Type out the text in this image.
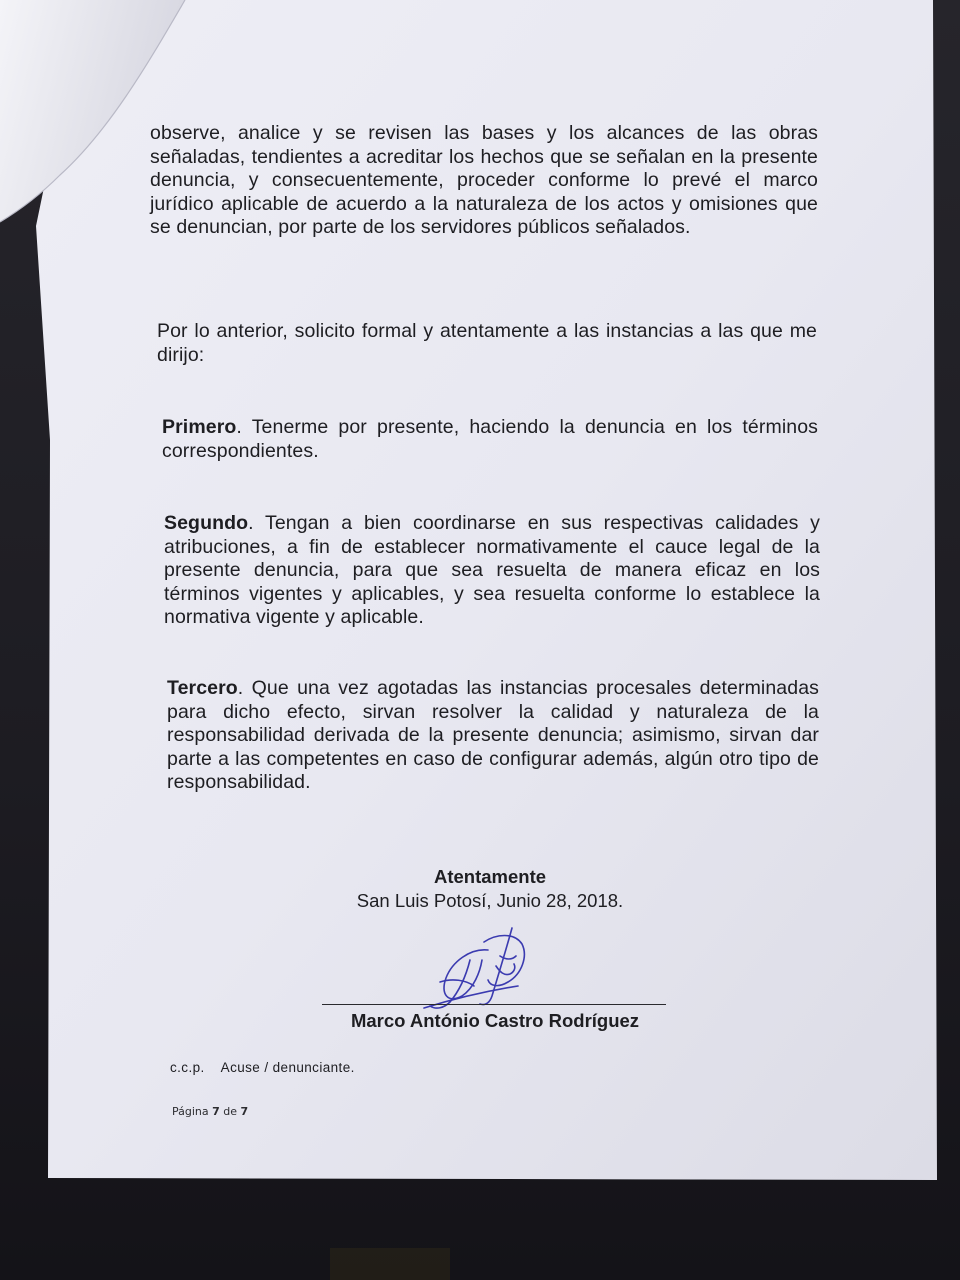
observe, analice y se revisen las bases y los alcances de las obras señaladas, tendientes a acreditar los hechos que se señalan en la presente denuncia, y consecuentemente, proceder conforme lo prevé el marco jurídico aplicable de acuerdo a la naturaleza de los actos y omisiones que se denuncian, por parte de los servidores públicos señalados.

Por lo anterior, solicito formal y atentamente a las instancias a las que me dirijo:

Primero. Tenerme por presente, haciendo la denuncia en los términos correspondientes.

Segundo. Tengan a bien coordinarse en sus respectivas calidades y atribuciones, a fin de establecer normativamente el cauce legal de la presente denuncia, para que sea resuelta de manera eficaz en los términos vigentes y aplicables, y sea resuelta conforme lo establece la normativa vigente y aplicable.

Tercero. Que una vez agotadas las instancias procesales determinadas para dicho efecto, sirvan resolver la calidad y naturaleza de la responsabilidad derivada de la presente denuncia; asimismo, sirvan dar parte a las competentes en caso de configurar además, algún otro tipo de responsabilidad.

Atentamente
San Luis Potosí, Junio 28, 2018.
Marco António Castro Rodríguez
c.c.p. Acuse / denunciante.
Página 7 de 7
